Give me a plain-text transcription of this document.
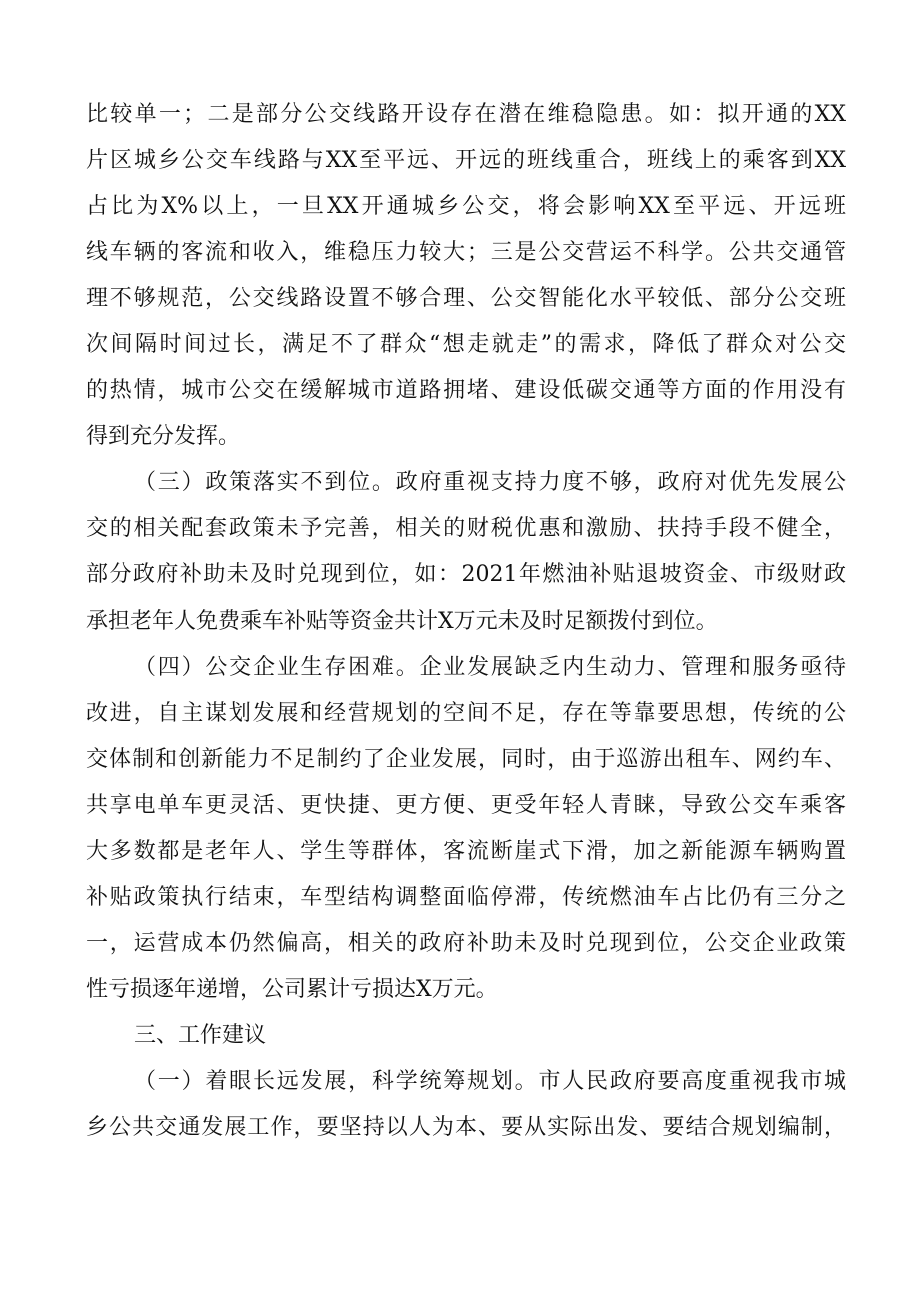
比较单一；二是部分公交线路开设存在潜在维稳隐患。如：拟开通的XX
片区城乡公交车线路与XX至平远、开远的班线重合，班线上的乘客到XX
占比为X%以上，一旦XX开通城乡公交，将会影响XX至平远、开远班
线车辆的客流和收入，维稳压力较大；三是公交营运不科学。公共交通管
理不够规范，公交线路设置不够合理、公交智能化水平较低、部分公交班
次间隔时间过长，满足不了群众“想走就走”的需求，降低了群众对公交
的热情，城市公交在缓解城市道路拥堵、建设低碳交通等方面的作用没有
得到充分发挥。
（三）政策落实不到位。政府重视支持力度不够，政府对优先发展公
交的相关配套政策未予完善，相关的财税优惠和激励、扶持手段不健全，
部分政府补助未及时兑现到位，如：2021年燃油补贴退坡资金、市级财政
承担老年人免费乘车补贴等资金共计X万元未及时足额拨付到位。
（四）公交企业生存困难。企业发展缺乏内生动力、管理和服务亟待
改进，自主谋划发展和经营规划的空间不足，存在等靠要思想，传统的公
交体制和创新能力不足制约了企业发展，同时，由于巡游出租车、网约车、
共享电单车更灵活、更快捷、更方便、更受年轻人青睐，导致公交车乘客
大多数都是老年人、学生等群体，客流断崖式下滑，加之新能源车辆购置
补贴政策执行结束，车型结构调整面临停滞，传统燃油车占比仍有三分之
一，运营成本仍然偏高，相关的政府补助未及时兑现到位，公交企业政策
性亏损逐年递增，公司累计亏损达X万元。
三、工作建议
（一）着眼长远发展，科学统筹规划。市人民政府要高度重视我市城
乡公共交通发展工作，要坚持以人为本、要从实际出发、要结合规划编制，
